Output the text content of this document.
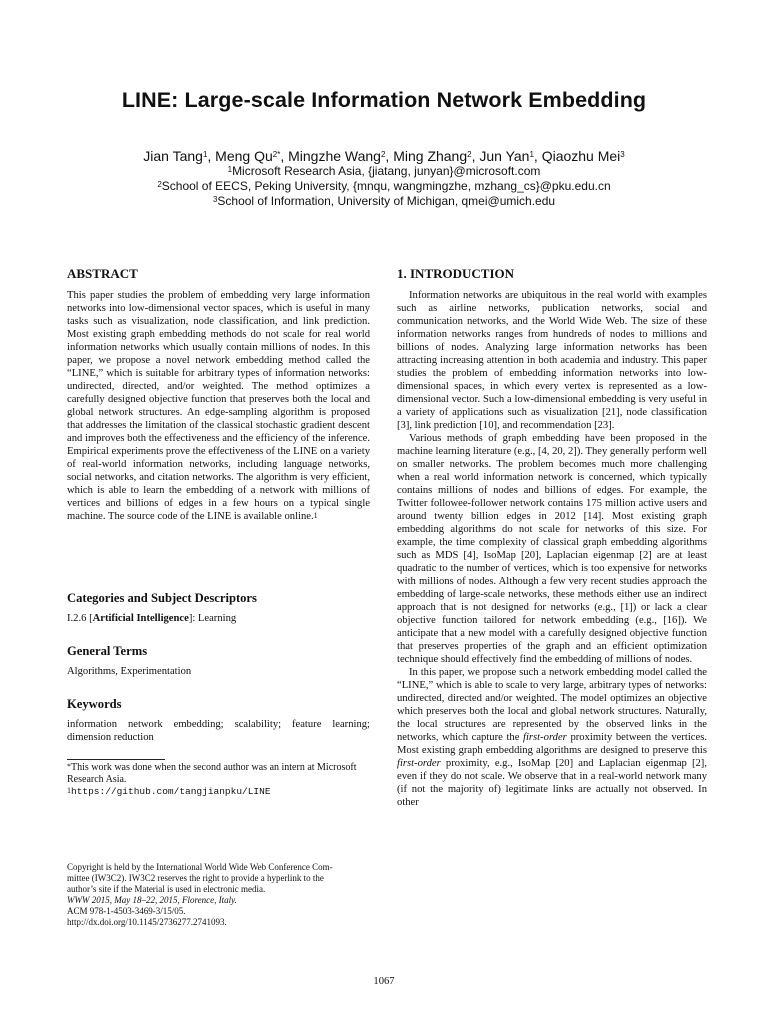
LINE: Large-scale Information Network Embedding
Jian Tang$^1$, Meng $Qu^{2*}$, Mingzhe Wang$^2$, Ming Zhang$^2$, Jun Yan$^1$, Qiaozhu Mei$^3$
$^1$Microsoft Research Asia, {jiatang, junyan}@microsoft.com
$^2$School of EECS, Peking University, {mnqu, wangmingzhe, mzhang_cs}@pku.edu.cn
$^3$School of Information, University of Michigan, qmei@umich.edu
ABSTRACT

This paper studies the problem of embedding very large information networks into low-dimensional vector spaces, which is useful in many tasks such as visualization, node classification, and link prediction. Most existing graph embedding methods do not scale for real world information networks which usually contain millions of nodes. In this paper, we propose a novel network embedding method called the “LINE,” which is suitable for arbitrary types of information networks: undirected, directed, and/or weighted. The method optimizes a carefully designed objective function that preserves both the local and global network structures. An edge-sampling algorithm is proposed that addresses the limitation of the classical stochastic gradient descent and improves both the effectiveness and the efficiency of the inference. Empirical experiments prove the effectiveness of the LINE on a variety of real-world information networks, including language networks, social networks, and citation networks. The algorithm is very efficient, which is able to learn the embedding of a network with millions of vertices and billions of edges in a few hours on a typical single machine. The source code of the LINE is available online.$^1$

Categories and Subject Descriptors
I.2.6 [Artificial Intelligence]: Learning
General Terms
Algorithms, Experimentation
Keywords

information network embedding; scalability; feature learning; dimension reduction

*This work was done when the second author was an intern at Microsoft Research Asia.
$^1$https://github.com/tangjianpku/LINE
Copyright is held by the International World Wide Web Conference Com-
mittee (IW3C2). IW3C2 reserves the right to provide a hyperlink to the
author’s site if the Material is used in electronic media.
WWW 2015, May 18–22, 2015, Florence, Italy.
ACM 978-1-4503-3469-3/15/05.
http://dx.doi.org/10.1145/2736277.2741093.
1. INTRODUCTION

Information networks are ubiquitous in the real world with examples such as airline networks, publication networks, social and communication networks, and the World Wide Web. The size of these information networks ranges from hundreds of nodes to millions and billions of nodes. Analyzing large information networks has been attracting increasing attention in both academia and industry. This paper studies the problem of embedding information networks into low-dimensional spaces, in which every vertex is represented as a low-dimensional vector. Such a low-dimensional embedding is very useful in a variety of applications such as visualization [21], node classification [3], link prediction [10], and recommendation [23].

Various methods of graph embedding have been proposed in the machine learning literature (e.g., [4, 20, 2]). They generally perform well on smaller networks. The problem becomes much more challenging when a real world information network is concerned, which typically contains millions of nodes and billions of edges. For example, the Twitter followee-follower network contains 175 million active users and around twenty billion edges in 2012 [14]. Most existing graph embedding algorithms do not scale for networks of this size. For example, the time complexity of classical graph embedding algorithms such as MDS [4], IsoMap [20], Laplacian eigenmap [2] are at least quadratic to the number of vertices, which is too expensive for networks with millions of nodes. Although a few very recent studies approach the embedding of large-scale networks, these methods either use an indirect approach that is not designed for networks (e.g., [1]) or lack a clear objective function tailored for network embedding (e.g., [16]). We anticipate that a new model with a carefully designed objective function that preserves properties of the graph and an efficient optimization technique should effectively find the embedding of millions of nodes.

In this paper, we propose such a network embedding model called the “LINE,” which is able to scale to very large, arbitrary types of networks: undirected, directed and/or weighted. The model optimizes an objective which preserves both the local and global network structures. Naturally, the local structures are represented by the observed links in the networks, which capture the first-order proximity between the vertices. Most existing graph embedding algorithms are designed to preserve this first-order proximity, e.g., IsoMap [20] and Laplacian eigenmap [2], even if they do not scale. We observe that in a real-world network many (if not the majority of) legitimate links are actually not observed. In other

1067
